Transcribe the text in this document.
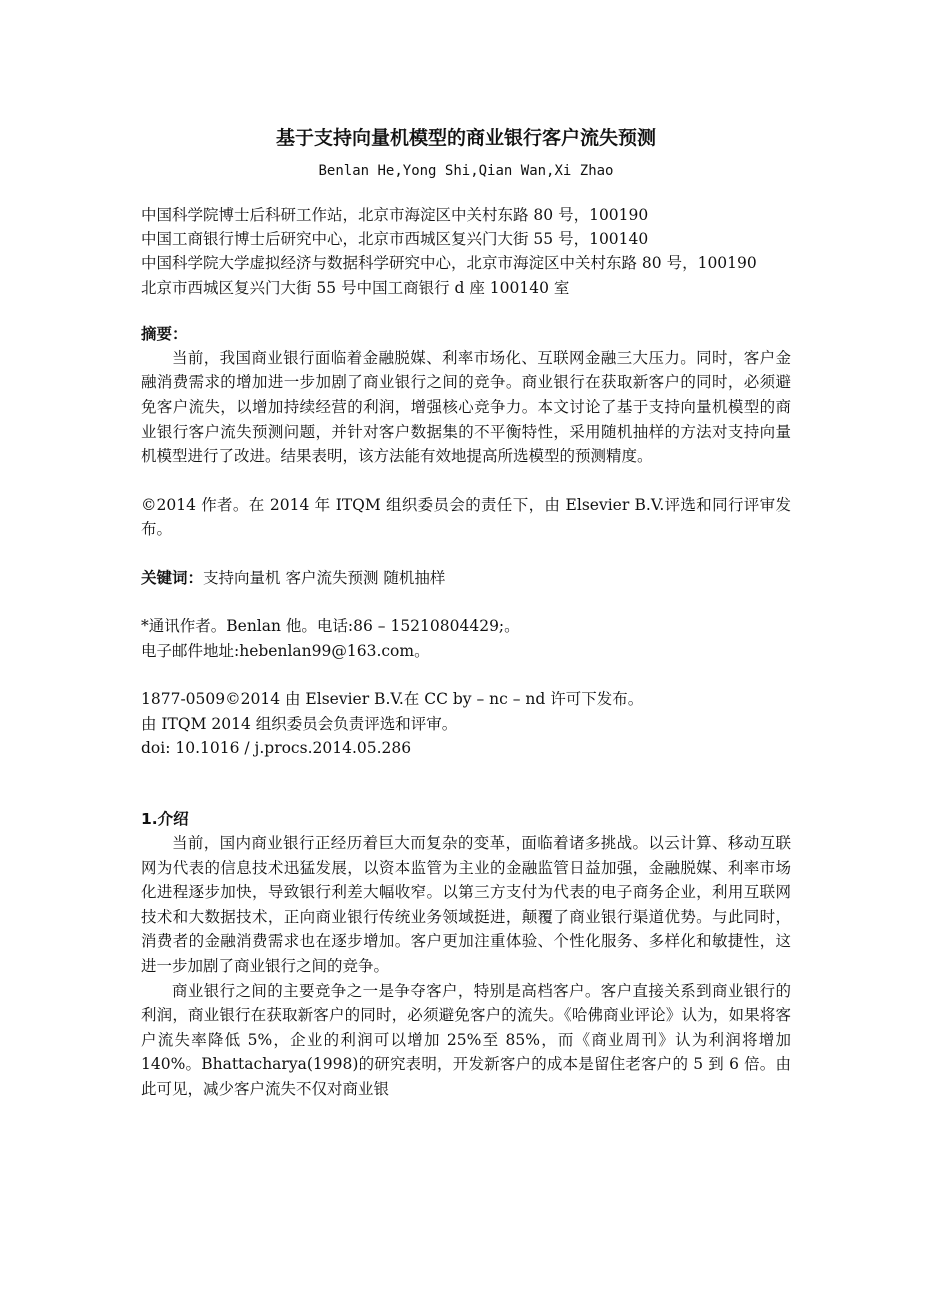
基于支持向量机模型的商业银行客户流失预测

Benlan He,Yong Shi,Qian Wan,Xi Zhao

中国科学院博士后科研工作站，北京市海淀区中关村东路 80 号，100190

中国工商银行博士后研究中心，北京市西城区复兴门大街 55 号，100140

中国科学院大学虚拟经济与数据科学研究中心，北京市海淀区中关村东路 80 号，100190

北京市西城区复兴门大街 55 号中国工商银行 d 座 100140 室

摘要：

当前，我国商业银行面临着金融脱媒、利率市场化、互联网金融三大压力。同时，客户金融消费需求的增加进一步加剧了商业银行之间的竞争。商业银行在获取新客户的同时，必须避免客户流失，以增加持续经营的利润，增强核心竞争力。本文讨论了基于支持向量机模型的商业银行客户流失预测问题，并针对客户数据集的不平衡特性，采用随机抽样的方法对支持向量机模型进行了改进。结果表明，该方法能有效地提高所选模型的预测精度。

©2014 作者。在 2014 年 ITQM 组织委员会的责任下，由 Elsevier B.V.评选和同行评审发布。

关键词：支持向量机 客户流失预测 随机抽样

*通讯作者。Benlan 他。电话:86 – 15210804429;。

电子邮件地址:hebenlan99@163.com。

1877-0509©2014 由 Elsevier B.V.在 CC by – nc – nd 许可下发布。

由 ITQM 2014 组织委员会负责评选和评审。

doi: 10.1016 / j.procs.2014.05.286

1.介绍

当前，国内商业银行正经历着巨大而复杂的变革，面临着诸多挑战。以云计算、移动互联网为代表的信息技术迅猛发展，以资本监管为主业的金融监管日益加强，金融脱媒、利率市场化进程逐步加快，导致银行利差大幅收窄。以第三方支付为代表的电子商务企业，利用互联网技术和大数据技术，正向商业银行传统业务领域挺进，颠覆了商业银行渠道优势。与此同时，消费者的金融消费需求也在逐步增加。客户更加注重体验、个性化服务、多样化和敏捷性，这进一步加剧了商业银行之间的竞争。

商业银行之间的主要竞争之一是争夺客户，特别是高档客户。客户直接关系到商业银行的利润，商业银行在获取新客户的同时，必须避免客户的流失。《哈佛商业评论》认为，如果将客户流失率降低 5%，企业的利润可以增加 25%至 85%，而《商业周刊》认为利润将增加 140%。Bhattacharya(1998)的研究表明，开发新客户的成本是留住老客户的 5 到 6 倍。由此可见，减少客户流失不仅对商业银
